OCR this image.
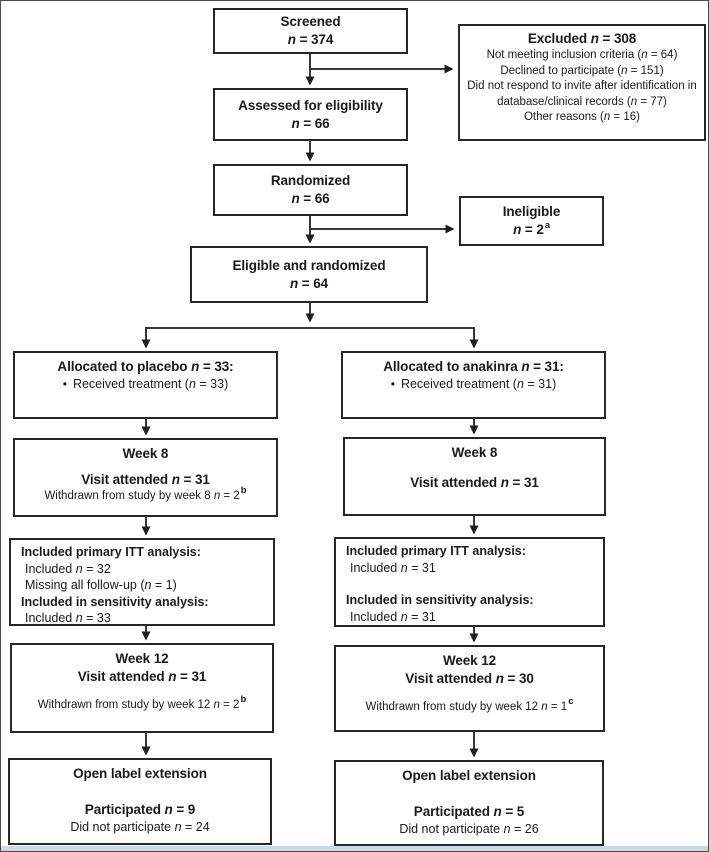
Screened
n = 374	Excluded n = 308
Not meeting inclusion criteria (n = 64)
Declined to participate (n = 151)
Did not respond to invite after identification in database/clinical records (n = 77)
Other reasons (n = 16)
Assessed for eligibility
n = 66
Randomized
n = 66
Ineligible
$n = 2^a$
Eligible and randomized
n = 64
Allocated to placebo n = 33:
• Received treatment (n = 33)
Allocated to anakinra n = 31:
• Received treatment (n = 31)
Week 8
Visit attended n = 31
Withdrawn from study by week 8 $n = 2^b$
Week 8
Visit attended n = 31
Included primary ITT analysis:
Included n = 32
Missing all follow-up (n = 1)
Included in sensitivity analysis:
Included n = 33
Included primary ITT analysis:
Included n = 31
Included in sensitivity analysis:
Included n = 31
Week 12
Visit attended n = 31
Withdrawn from study by week 12 $n = 2^b$
Week 12
Visit attended n = 30
Withdrawn from study by week 12 $n = 1^c$
Open label extension
Participated n = 9
Did not participate n = 24
Open label extension
Participated n = 5
Did not participate n = 26
